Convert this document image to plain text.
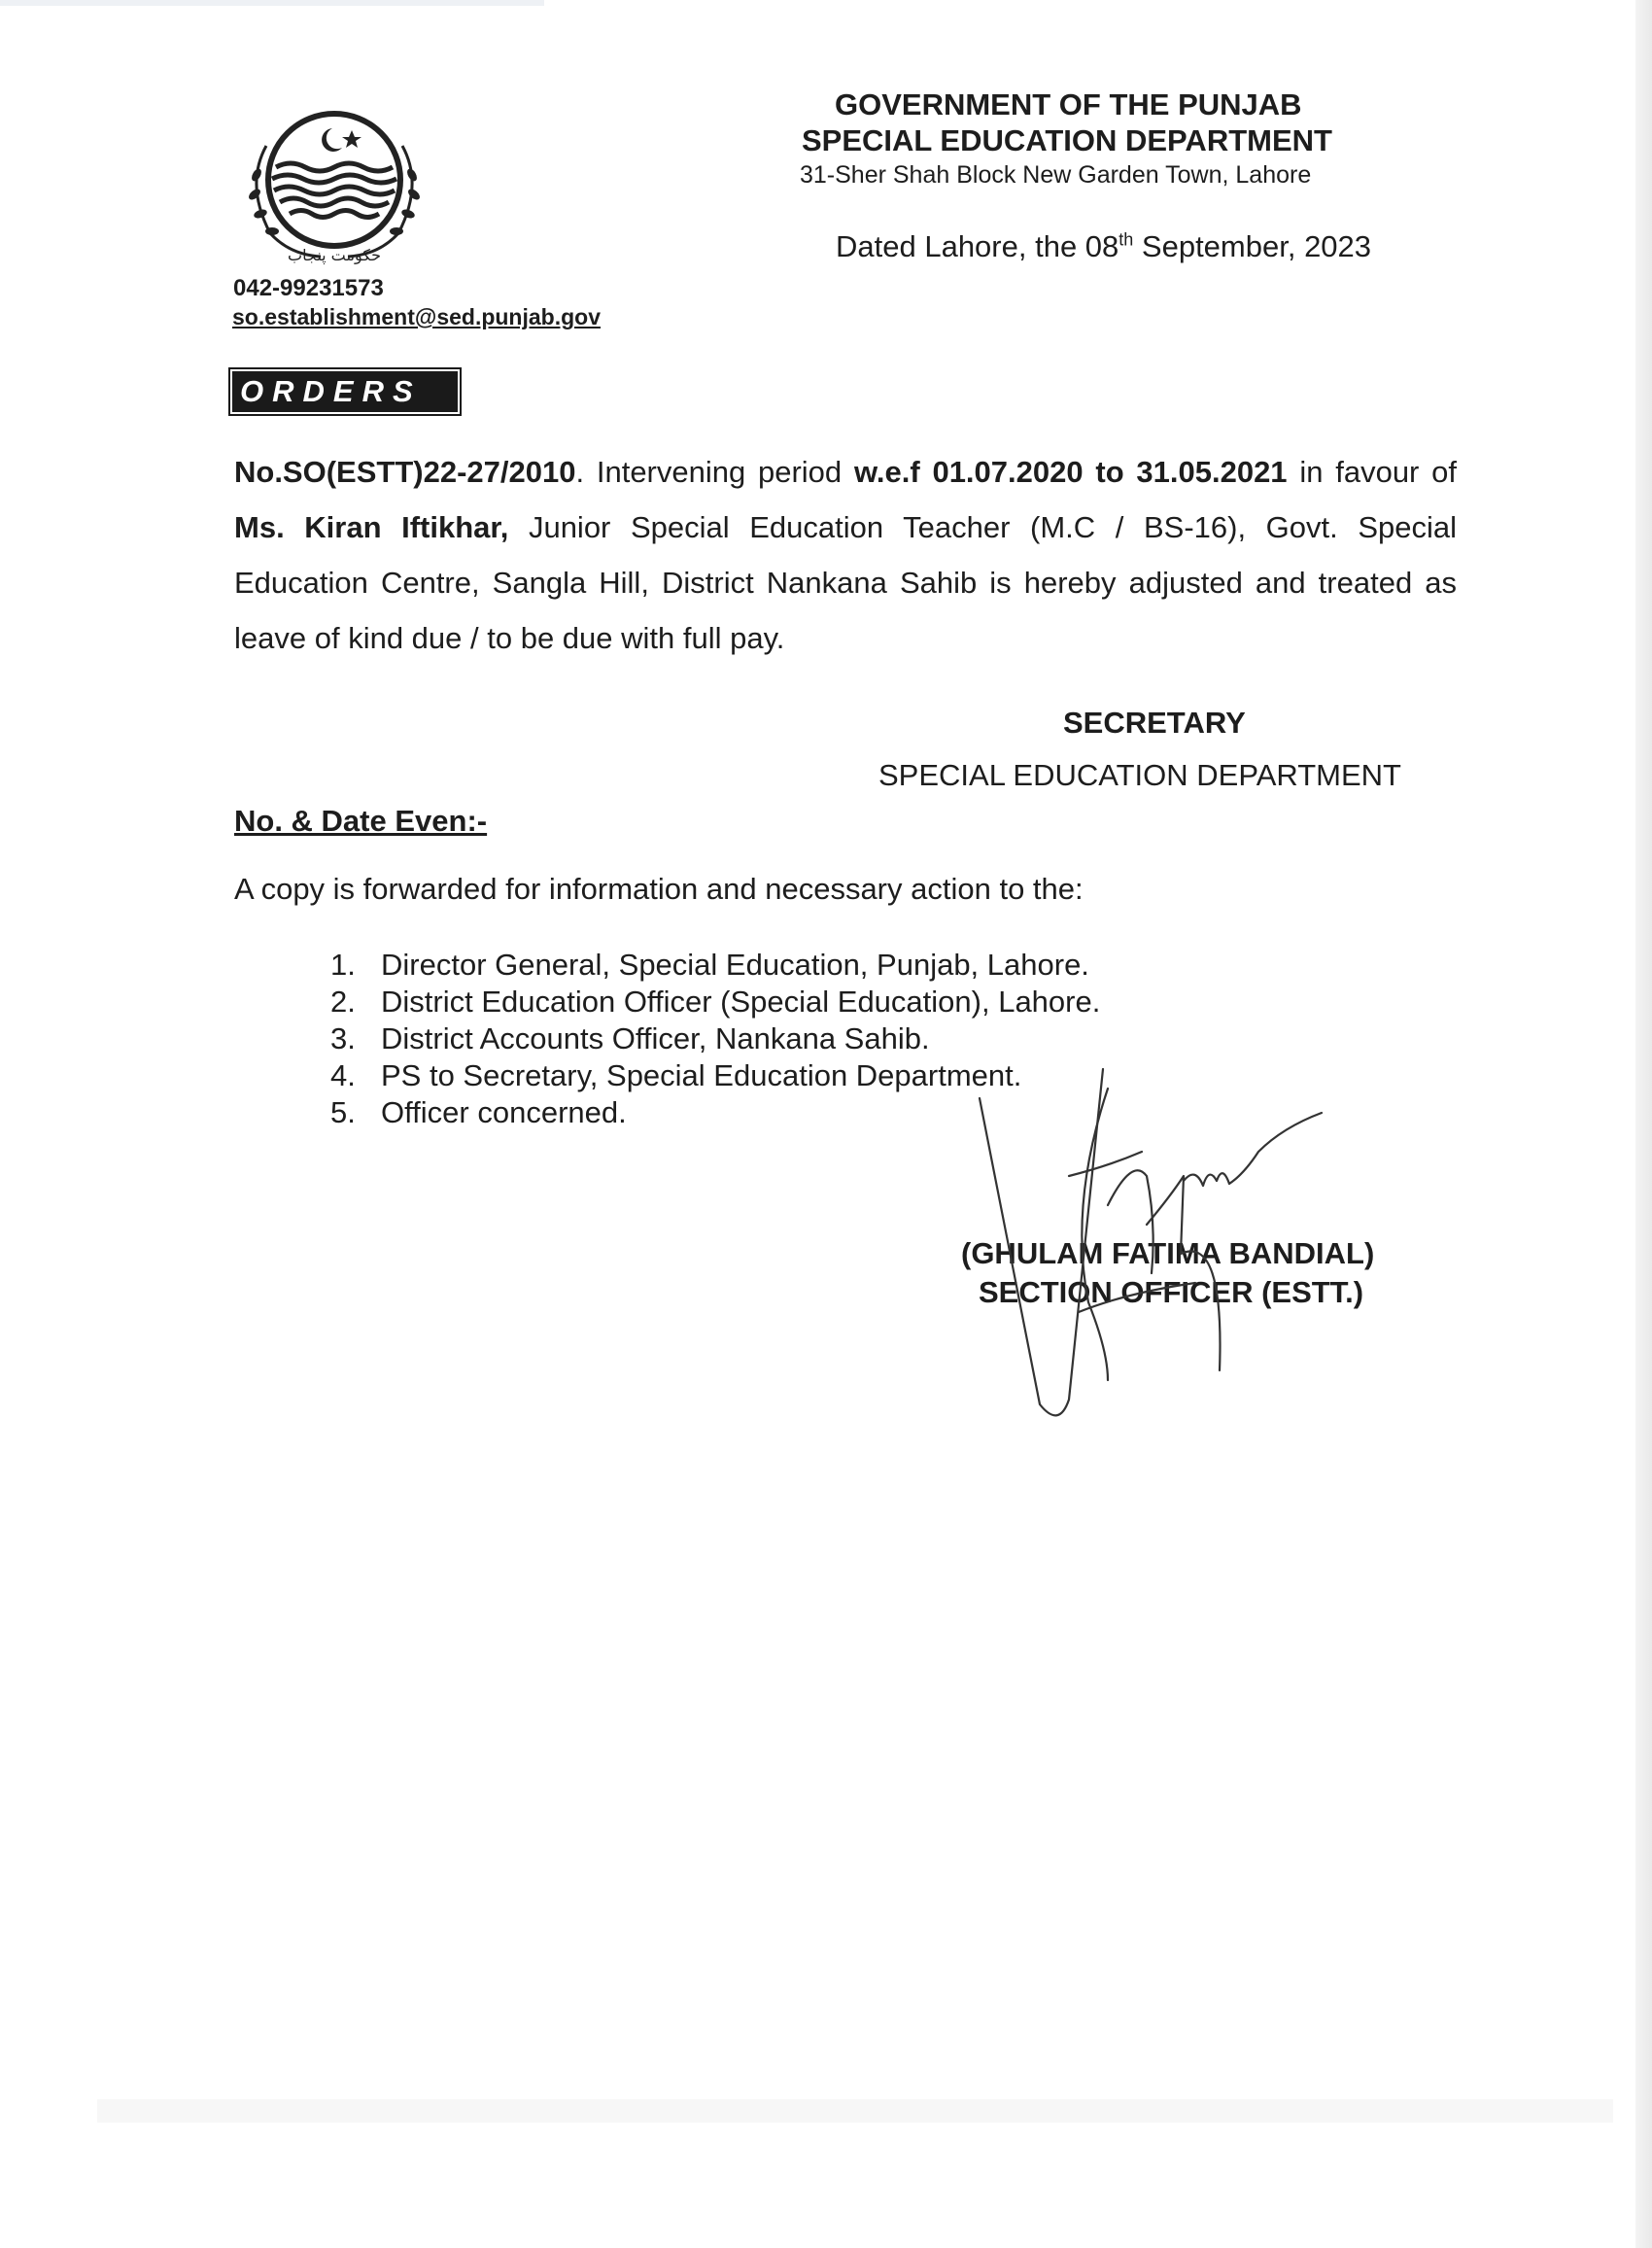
حکومت پنجاب
GOVERNMENT OF THE PUNJAB
SPECIAL EDUCATION DEPARTMENT
31-Sher Shah Block New Garden Town, Lahore
Dated Lahore, the 08th September, 2023
042-99231573
so.establishment@sed.punjab.gov
ORDERS
No.SO(ESTT)22-27/2010. Intervening period w.e.f 01.07.2020 to 31.05.2021 in favour of Ms. Kiran Iftikhar, Junior Special Education Teacher (M.C / BS-16), Govt. Special Education Centre, Sangla Hill, District Nankana Sahib is hereby adjusted and treated as leave of kind due / to be due with full pay.
SECRETARY
SPECIAL EDUCATION DEPARTMENT
No. & Date Even:-
A copy is forwarded for information and necessary action to the:
1. Director General, Special Education, Punjab, Lahore.
2. District Education Officer (Special Education), Lahore.
3. District Accounts Officer, Nankana Sahib.
4. PS to Secretary, Special Education Department.
5. Officer concerned.
(GHULAM FATIMA BANDIAL)
SECTION OFFICER (ESTT.)
